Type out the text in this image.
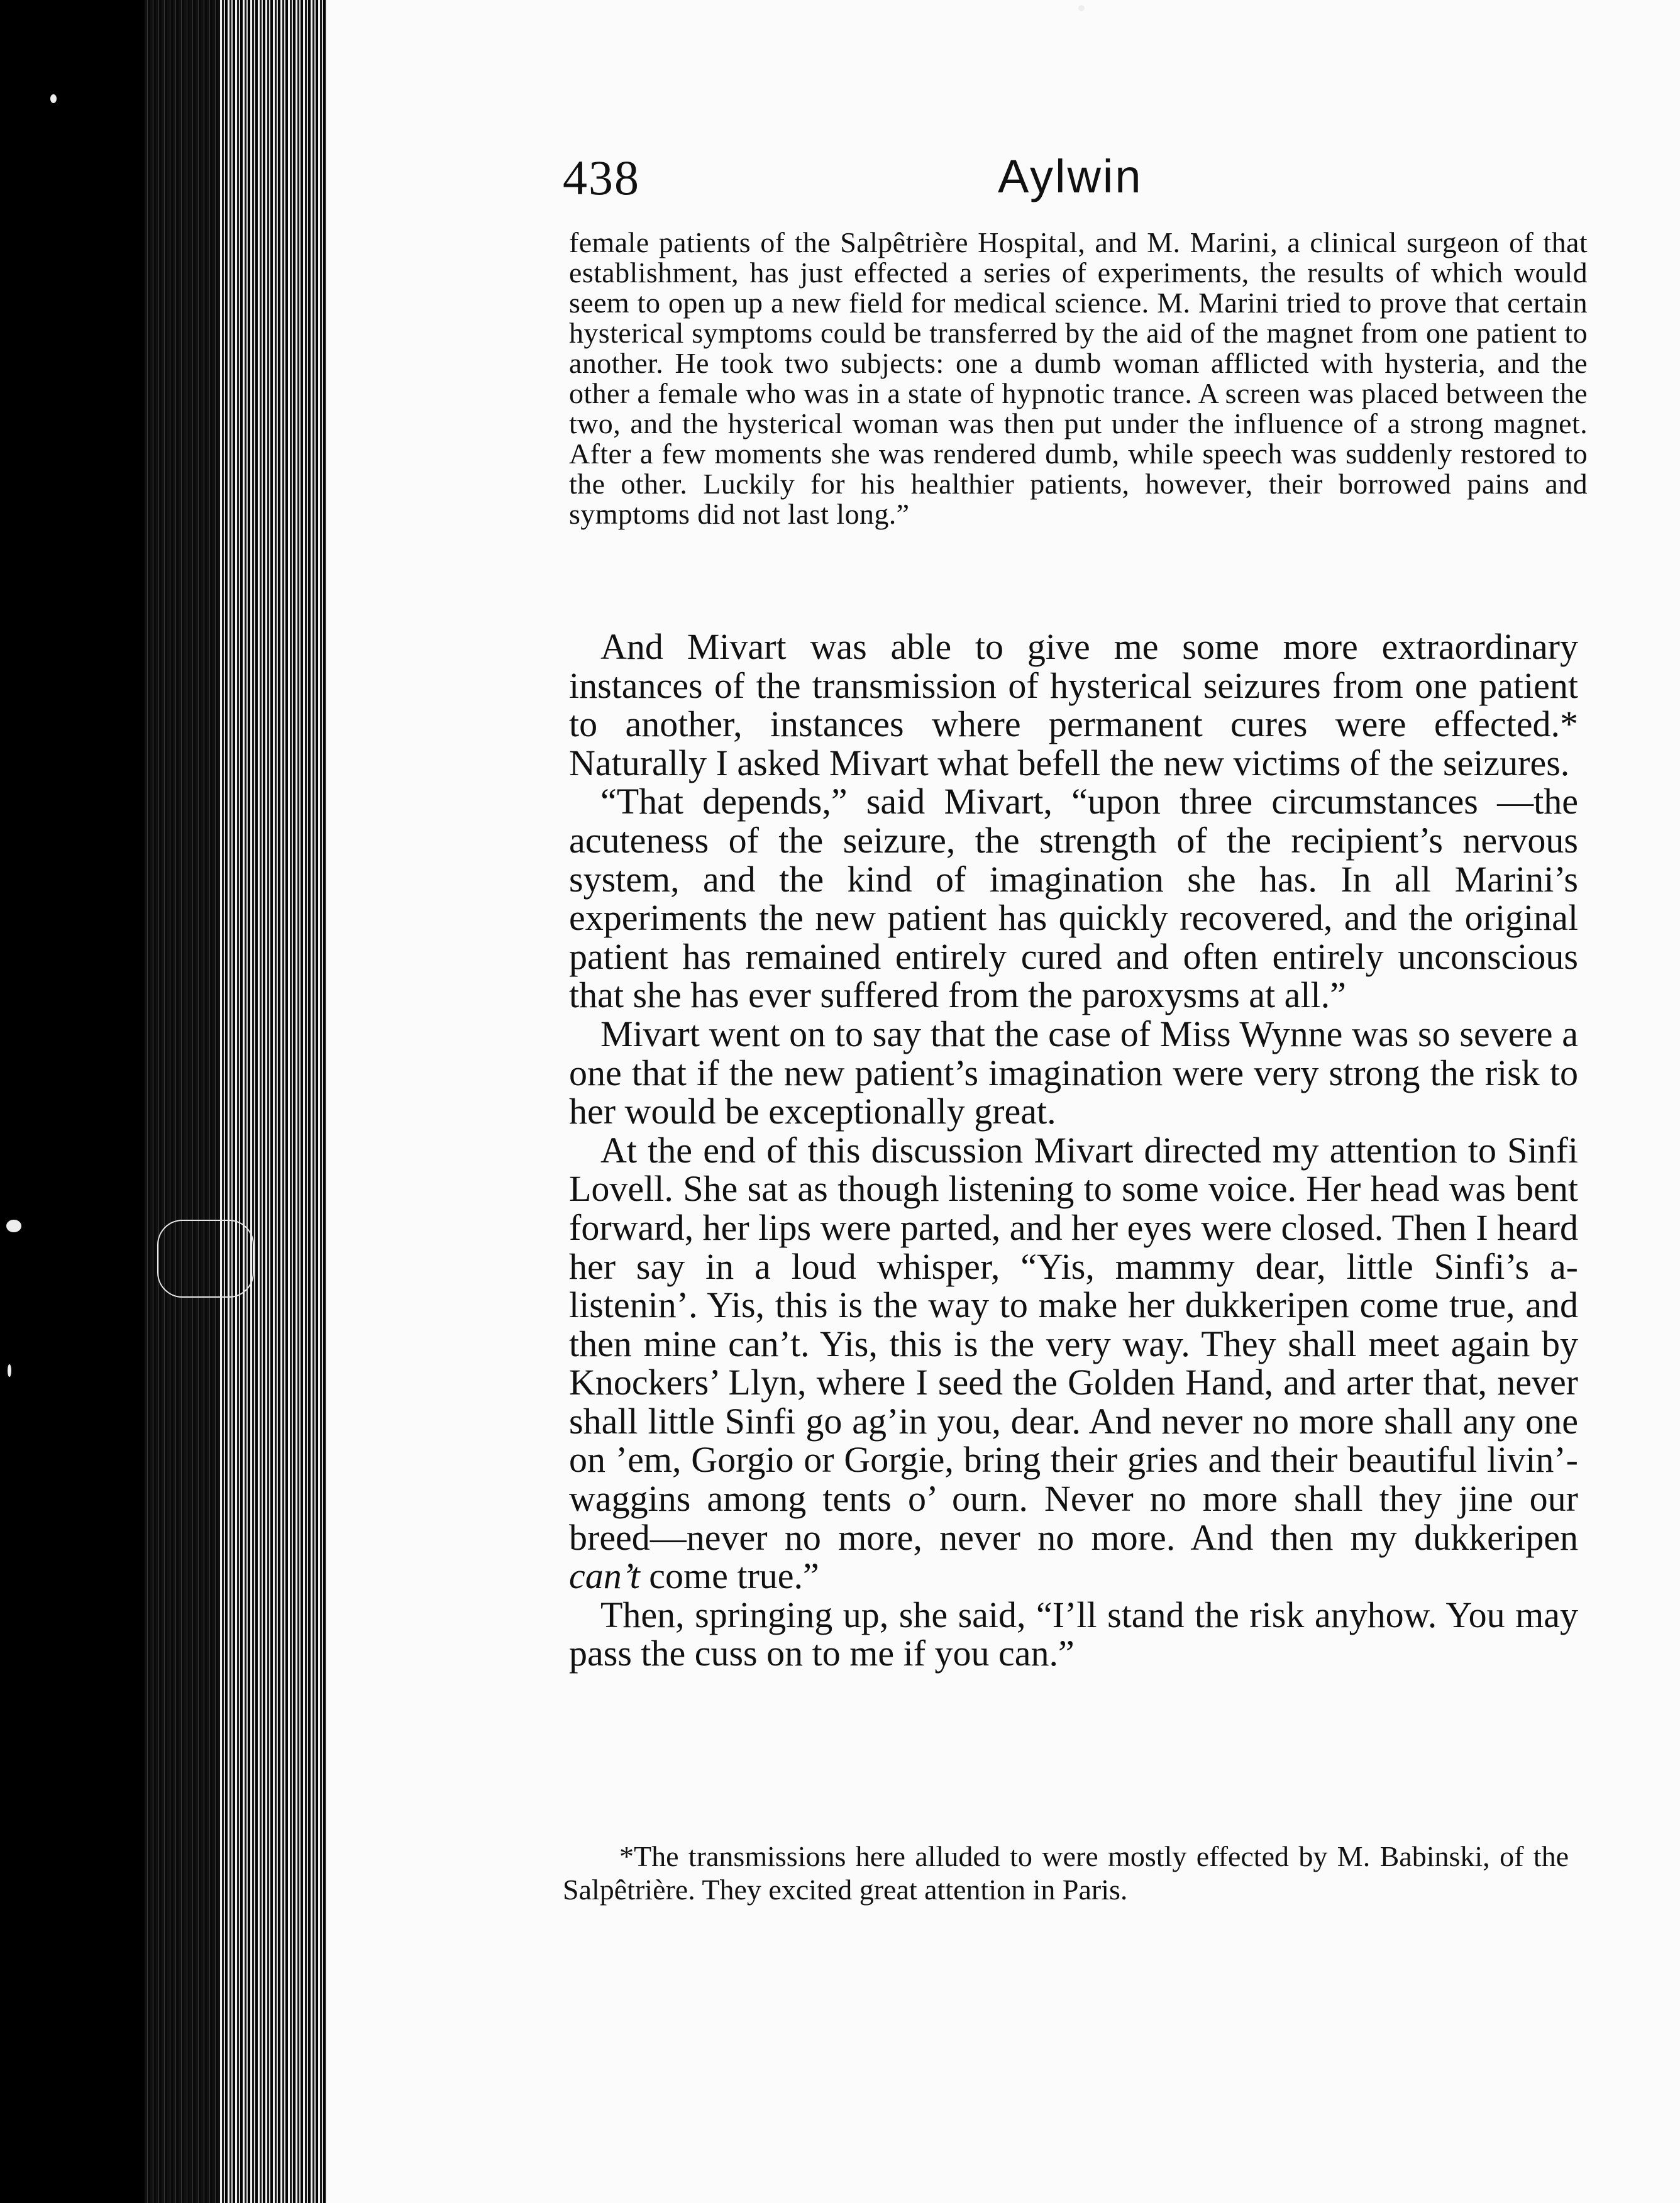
438	Aylwin

female patients of the Salpêtrière Hospital, and M. Marini, a clinical surgeon of that establishment, has just effected a series of experiments, the results of which would seem to open up a new field for medical science. M. Marini tried to prove that certain hysterical symptoms could be transferred by the aid of the magnet from one patient to another. He took two subjects: one a dumb woman afflicted with hysteria, and the other a female who was in a state of hypnotic trance. A screen was placed between the two, and the hysterical woman was then put under the influence of a strong magnet. After a few moments she was rendered dumb, while speech was suddenly restored to the other. Luckily for his healthier patients, however, their borrowed pains and symptoms did not last long.”

And Mivart was able to give me some more extraordinary instances of the transmission of hysterical seizures from one patient to another, instances where permanent cures were effected.* Naturally I asked Mivart what befell the new victims of the seizures.

“That depends,” said Mivart, “upon three circumstances —the acuteness of the seizure, the strength of the recipient’s nervous system, and the kind of imagination she has. In all Marini’s experiments the new patient has quickly recovered, and the original patient has remained entirely cured and often entirely unconscious that she has ever suffered from the paroxysms at all.”

Mivart went on to say that the case of Miss Wynne was so severe a one that if the new patient’s imagination were very strong the risk to her would be exceptionally great.

At the end of this discussion Mivart directed my attention to Sinfi Lovell. She sat as though listening to some voice. Her head was bent forward, her lips were parted, and her eyes were closed. Then I heard her say in a loud whisper, “Yis, mammy dear, little Sinfi’s a-listenin’. Yis, this is the way to make her dukkeripen come true, and then mine can’t. Yis, this is the very way. They shall meet again by Knockers’ Llyn, where I seed the Golden Hand, and arter that, never shall little Sinfi go ag’in you, dear. And never no more shall any one on ’em, Gorgio or Gorgie, bring their gries and their beautiful livin’-waggins among tents o’ ourn. Never no more shall they jine our breed—never no more, never no more. And then my dukkeripen can’t come true.”

Then, springing up, she said, “I’ll stand the risk anyhow. You may pass the cuss on to me if you can.”

*The transmissions here alluded to were mostly effected by M. Babinski, of the Salpêtrière. They excited great attention in Paris.
